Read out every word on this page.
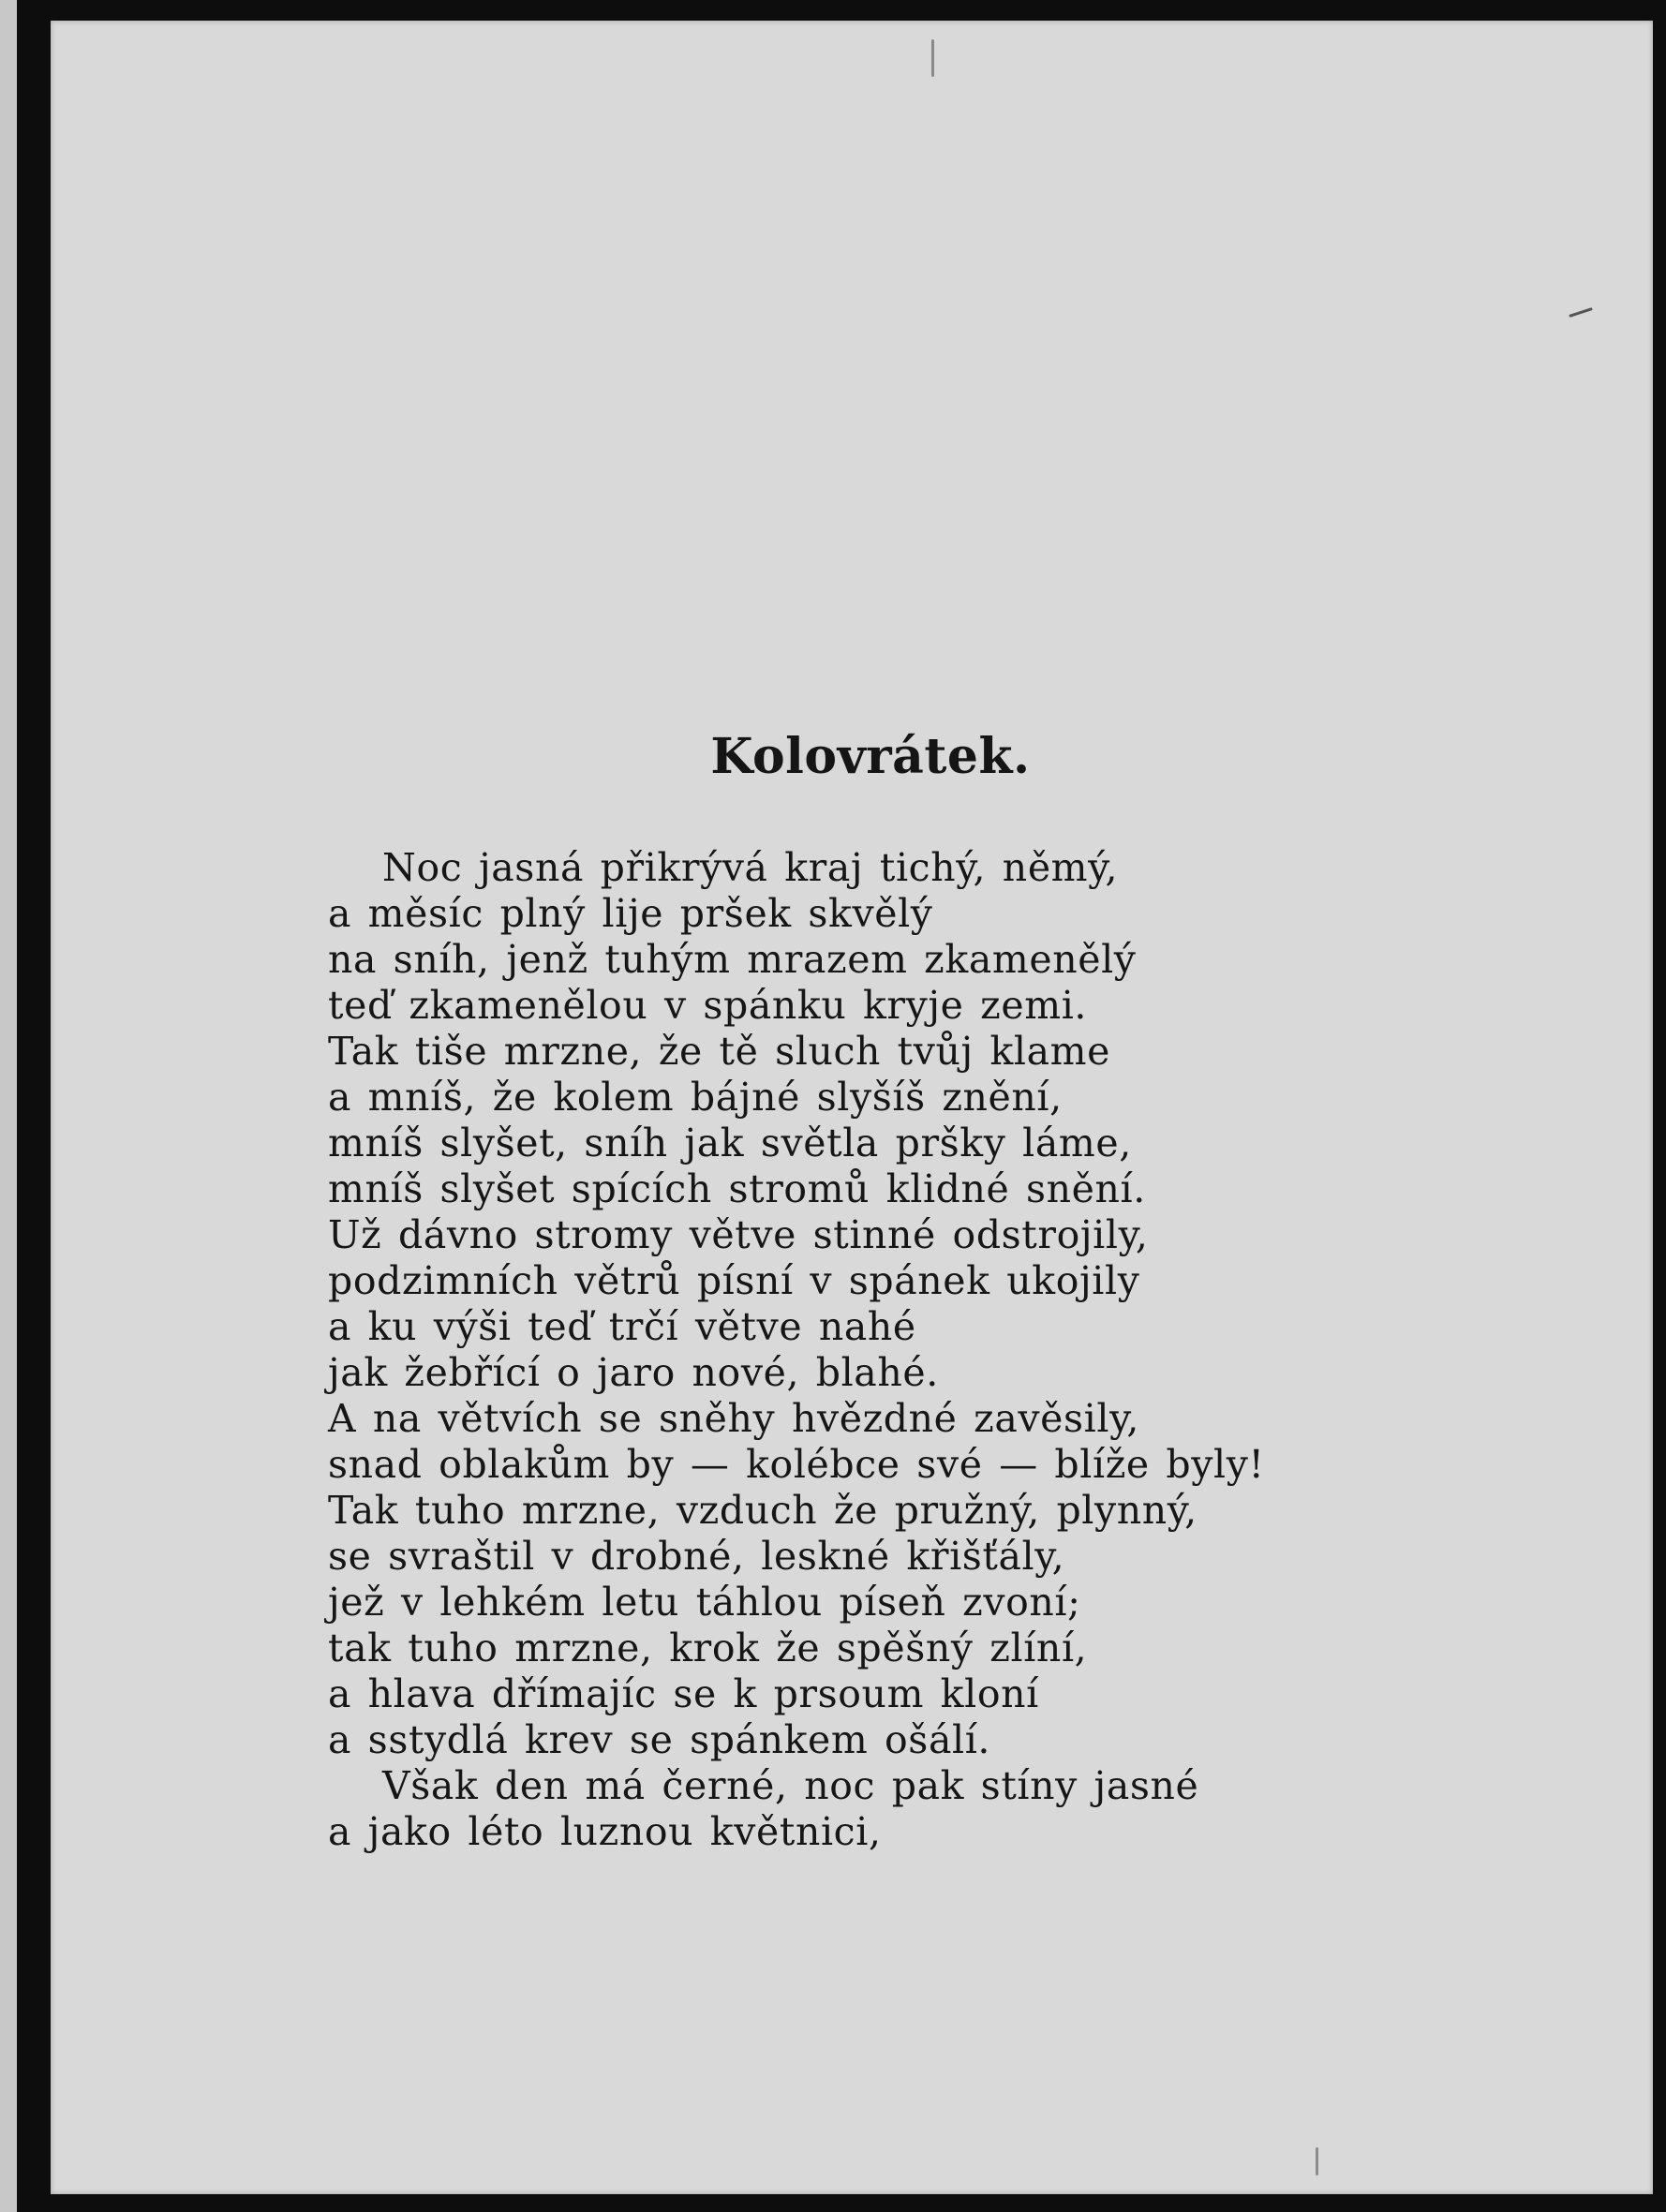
Kolovrátek.
Noc jasná přikrývá kraj tichý, němý,
a měsíc plný lije pršek skvělý
na sníh, jenž tuhým mrazem zkamenělý
teď zkamenělou v spánku kryje zemi.
Tak tiše mrzne, že tě sluch tvůj klame
a mníš, že kolem bájné slyšíš znění,
mníš slyšet, sníh jak světla pršky láme,
mníš slyšet spících stromů klidné snění.
Už dávno stromy větve stinné odstrojily,
podzimních větrů písní v spánek ukojily
a ku výši teď trčí větve nahé
jak žebřící o jaro nové, blahé.
A na větvích se sněhy hvězdné zavěsily,
snad oblakům by — kolébce své — blíže byly!
Tak tuho mrzne, vzduch že pružný, plynný,
se svraštil v drobné, leskné křišťály,
jež v lehkém letu táhlou píseň zvoní;
tak tuho mrzne, krok že spěšný zlíní,
a hlava dřímajíc se k prsoum kloní
a sstydlá krev se spánkem ošálí.
Však den má černé, noc pak stíny jasné
a jako léto luznou květnici,
